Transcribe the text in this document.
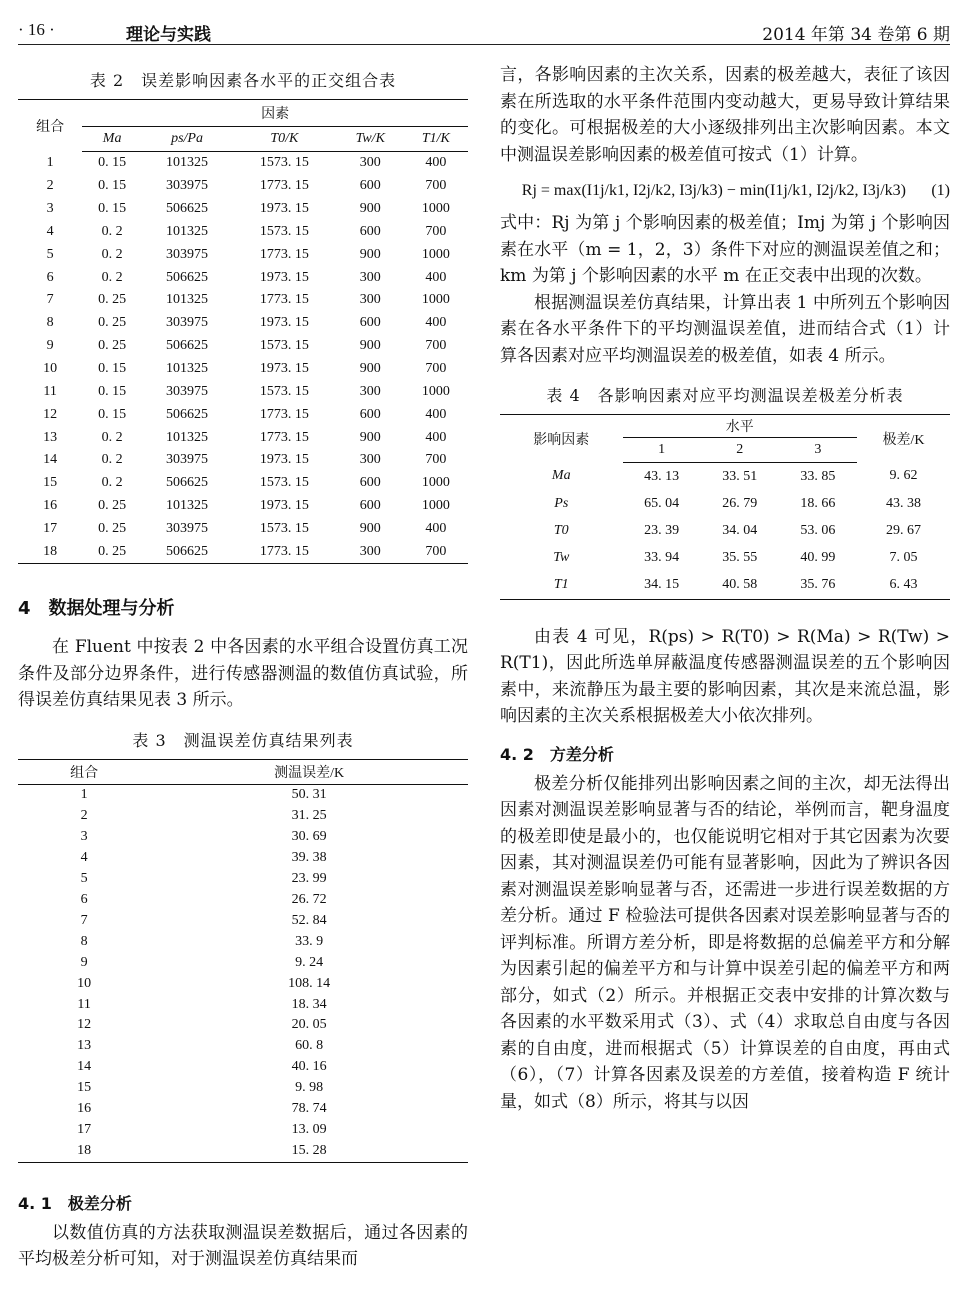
· 16 ·	理论与实践	2014 年第 34 卷第 6 期
表 2　误差影响因素各水平的正交组合表
组合	因素				
	Ma	ps/Pa	T0/K	Tw/K	T1/K
1	0. 15	101325	1573. 15	300	400
2	0. 15	303975	1773. 15	600	700
3	0. 15	506625	1973. 15	900	1000
4	0. 2	101325	1573. 15	600	700
5	0. 2	303975	1773. 15	900	1000
6	0. 2	506625	1973. 15	300	400
7	0. 25	101325	1773. 15	300	1000
8	0. 25	303975	1973. 15	600	400
9	0. 25	506625	1573. 15	900	700
10	0. 15	101325	1973. 15	900	700
11	0. 15	303975	1573. 15	300	1000
12	0. 15	506625	1773. 15	600	400
13	0. 2	101325	1773. 15	900	400
14	0. 2	303975	1973. 15	300	700
15	0. 2	506625	1573. 15	600	1000
16	0. 25	101325	1973. 15	600	1000
17	0. 25	303975	1573. 15	900	400
18	0. 25	506625	1773. 15	300	700
4　数据处理与分析

在 Fluent 中按表 2 中各因素的水平组合设置仿真工况条件及部分边界条件，进行传感器测温的数值仿真试验，所得误差仿真结果见表 3 所示。

表 3　测温误差仿真结果列表
组合	测温误差/K
1	50. 31
2	31. 25
3	30. 69
4	39. 38
5	23. 99
6	26. 72
7	52. 84
8	33. 9
9	9. 24
10	108. 14
11	18. 34
12	20. 05
13	60. 8
14	40. 16
15	9. 98
16	78. 74
17	13. 09
18	15. 28
4. 1　极差分析

以数值仿真的方法获取测温误差数据后，通过各因素的平均极差分析可知，对于测温误差仿真结果而

言，各影响因素的主次关系，因素的极差越大，表征了该因素在所选取的水平条件范围内变动越大，更易导致计算结果的变化。可根据极差的大小逐级排列出主次影响因素。本文中测温误差影响因素的极差值可按式（1）计算。

Rj = max(I1j/k1, I2j/k2, I3j/k3) − min(I1j/k1, I2j/k2, I3j/k3) (1)

式中：Rj 为第 j 个影响因素的极差值；Imj 为第 j 个影响因素在水平（m = 1，2，3）条件下对应的测温误差值之和；km 为第 j 个影响因素的水平 m 在正交表中出现的次数。

根据测温误差仿真结果，计算出表 1 中所列五个影响因素在各水平条件下的平均测温误差值，进而结合式（1）计算各因素对应平均测温误差的极差值，如表 4 所示。

表 4　各影响因素对应平均测温误差极差分析表
影响因素	水平			极差/K
	1	2	3	
Ma	43. 13	33. 51	33. 85	9. 62
Ps	65. 04	26. 79	18. 66	43. 38
T0	23. 39	34. 04	53. 06	29. 67
Tw	33. 94	35. 55	40. 99	7. 05
T1	34. 15	40. 58	35. 76	6. 43

由表 4 可见，R(ps) > R(T0) > R(Ma) > R(Tw) > R(T1)，因此所选单屏蔽温度传感器测温误差的五个影响因素中，来流静压为最主要的影响因素，其次是来流总温，影响因素的主次关系根据极差大小依次排列。

4. 2　方差分析

极差分析仅能排列出影响因素之间的主次，却无法得出因素对测温误差影响显著与否的结论，举例而言，靶身温度的极差即使是最小的，也仅能说明它相对于其它因素为次要因素，其对测温误差仍可能有显著影响，因此为了辨识各因素对测温误差影响显著与否，还需进一步进行误差数据的方差分析。通过 F 检验法可提供各因素对误差影响显著与否的评判标准。所谓方差分析，即是将数据的总偏差平方和分解为因素引起的偏差平方和与计算中误差引起的偏差平方和两部分，如式（2）所示。并根据正交表中安排的计算次数与各因素的水平数采用式（3）、式（4）求取总自由度与各因素的自由度，进而根据式（5）计算误差的自由度，再由式（6），（7）计算各因素及误差的方差值，接着构造 F 统计量，如式（8）所示，将其与以因
